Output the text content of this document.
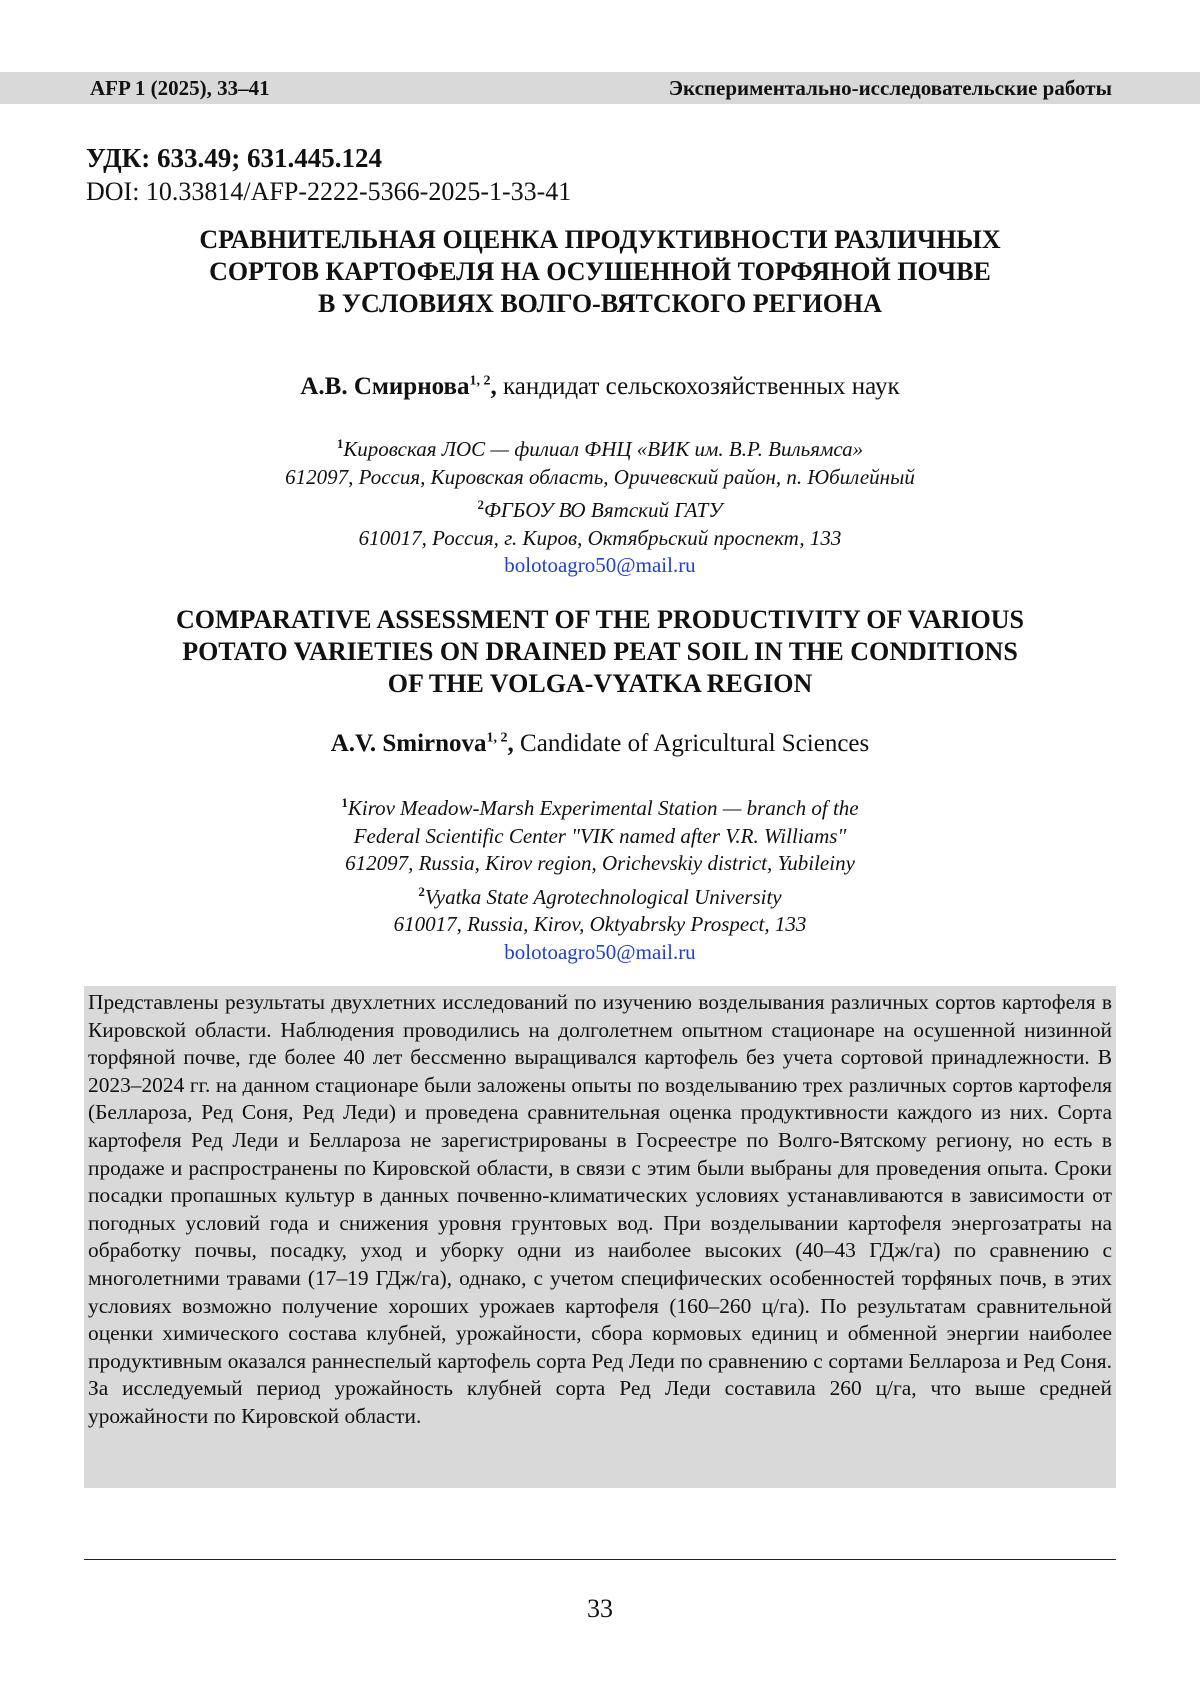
AFP 1 (2025), 33–41	Экспериментально-исследовательские работы
УДК: 633.49; 631.445.124
DOI: 10.33814/AFP-2222-5366-2025-1-33-41
СРАВНИТЕЛЬНАЯ ОЦЕНКА ПРОДУКТИВНОСТИ РАЗЛИЧНЫХ
СОРТОВ КАРТОФЕЛЯ НА ОСУШЕННОЙ ТОРФЯНОЙ ПОЧВЕ
В УСЛОВИЯХ ВОЛГО-ВЯТСКОГО РЕГИОНА
А.В. Смирнова$^{1, 2}$, кандидат сельскохозяйственных наук
$^1$Кировская ЛОС — филиал ФНЦ «ВИК им. В.Р. Вильямса»
612097, Россия, Кировская область, Оричевский район, п. Юбилейный
$^2$ФГБОУ ВО Вятский ГАТУ
610017, Россия, г. Киров, Октябрьский проспект, 133
bolotoagro50@mail.ru
COMPARATIVE ASSESSMENT OF THE PRODUCTIVITY OF VARIOUS
POTATO VARIETIES ON DRAINED PEAT SOIL IN THE CONDITIONS
OF THE VOLGA-VYATKA REGION
A.V. Smirnova$^{1, 2}$, Candidate of Agricultural Sciences
$^1$Kirov Meadow-Marsh Experimental Station — branch of the
Federal Scientific Center "VIK named after V.R. Williams"
612097, Russia, Kirov region, Orichevskiy district, Yubileiny
$^2$Vyatka State Agrotechnological University
610017, Russia, Kirov, Oktyabrsky Prospect, 133
bolotoagro50@mail.ru
Представлены результаты двухлетних исследований по изучению возделывания различных сортов картофеля в Кировской области. Наблюдения проводились на долголетнем опытном стационаре на осушенной низинной торфяной почве, где более 40 лет бессменно выращивался картофель без учета сортовой принадлежности. В 2023–2024 гг. на данном стационаре были заложены опыты по возделыванию трех различных сортов картофеля (Беллароза, Ред Соня, Ред Леди) и проведена сравнительная оценка продуктивности каждого из них. Сорта картофеля Ред Леди и Беллароза не зарегистрированы в Госреестре по Волго-Вятскому региону, но есть в продаже и распространены по Кировской области, в связи с этим были выбраны для проведения опыта. Сроки посадки пропашных культур в данных почвенно-климатических условиях устанавливаются в зависимости от погодных условий года и снижения уровня грунтовых вод. При возделывании картофеля энергозатраты на обработку почвы, посадку, уход и уборку одни из наиболее высоких (40–43 ГДж/га) по сравнению с многолетними травами (17–19 ГДж/га), однако, с учетом специфических особенностей торфяных почв, в этих условиях возможно получение хороших урожаев картофеля (160–260 ц/га). По результатам сравнительной оценки химического состава клубней, урожайности, сбора кормовых единиц и обменной энергии наиболее продуктивным оказался раннеспелый картофель сорта Ред Леди по сравнению с сортами Беллароза и Ред Соня. За исследуемый период урожайность клубней сорта Ред Леди составила 260 ц/га, что выше средней урожайности по Кировской области.
33
